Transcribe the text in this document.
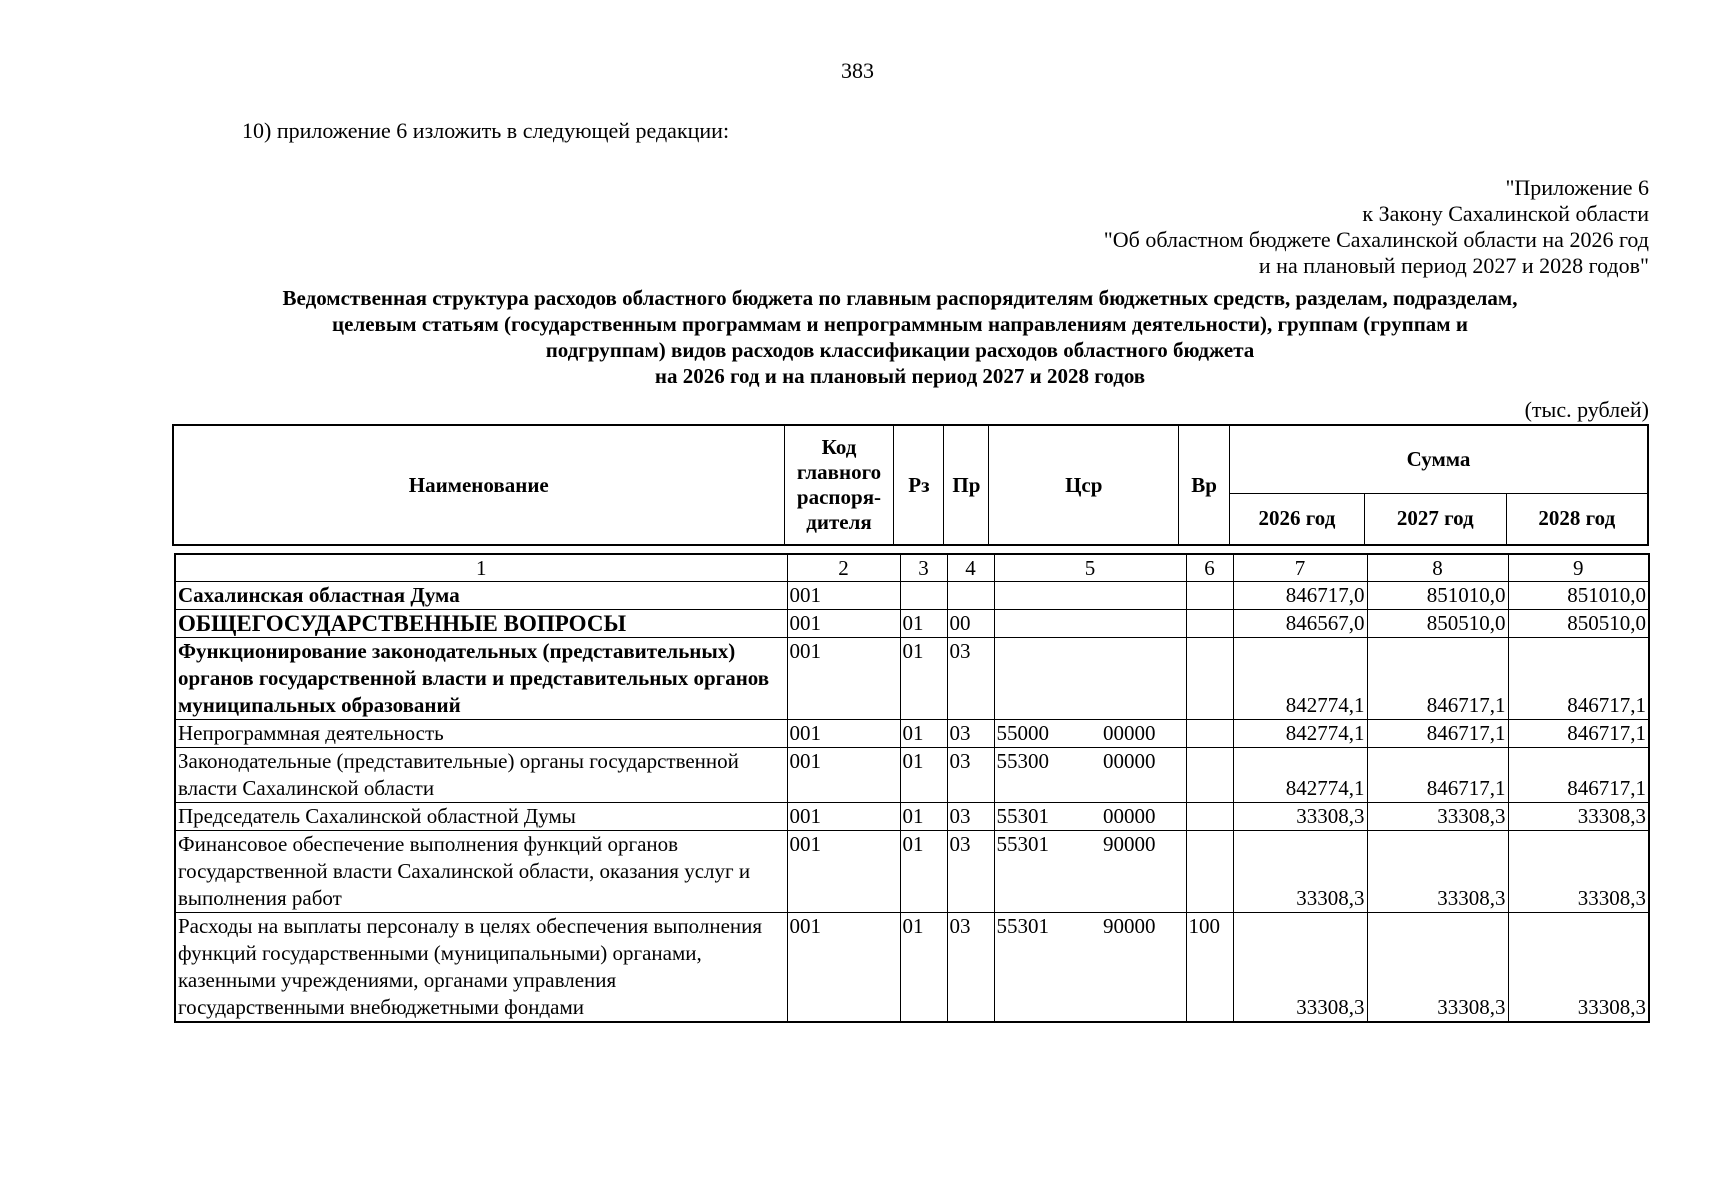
383
10) приложение 6 изложить в следующей редакции:
"Приложение 6
к Закону Сахалинской области
"Об областном бюджете Сахалинской области на 2026 год
и на плановый период 2027 и 2028 годов"
Ведомственная структура расходов областного бюджета по главным распорядителям бюджетных средств, разделам, подразделам,
целевым статьям (государственным программам и непрограммным направлениям деятельности), группам (группам и
подгруппам) видов расходов классификации расходов областного бюджета
на 2026 год и на плановый период 2027 и 2028 годов
(тыс. рублей)
Наименование	Код главного распоря-дителя	Рз	Пр	Цср	Вр	Сумма		
						2026 год	2027 год	2028 год
1	2	3	4	5	6	7	8	9
Сахалинская областная Дума	001					846717,0	851010,0	851010,0
ОБЩЕГОСУДАРСТВЕННЫЕ ВОПРОСЫ	001	01	00			846567,0	850510,0	850510,0
Функционирование законодательных (представительных) органов государственной власти и представительных органов муниципальных образований	001	01	03			842774,1	846717,1	846717,1
Непрограммная деятельность	001	01	03	55000 00000		842774,1	846717,1	846717,1
Законодательные (представительные) органы государственной власти Сахалинской области	001	01	03	55300 00000		842774,1	846717,1	846717,1
Председатель Сахалинской областной Думы	001	01	03	55301 00000		33308,3	33308,3	33308,3
Финансовое обеспечение выполнения функций органов государственной власти Сахалинской области, оказания услуг и выполнения работ	001	01	03	55301 90000		33308,3	33308,3	33308,3
Расходы на выплаты персоналу в целях обеспечения выполнения функций государственными (муниципальными) органами, казенными учреждениями, органами управления государственными внебюджетными фондами	001	01	03	55301 90000	100	33308,3	33308,3	33308,3
